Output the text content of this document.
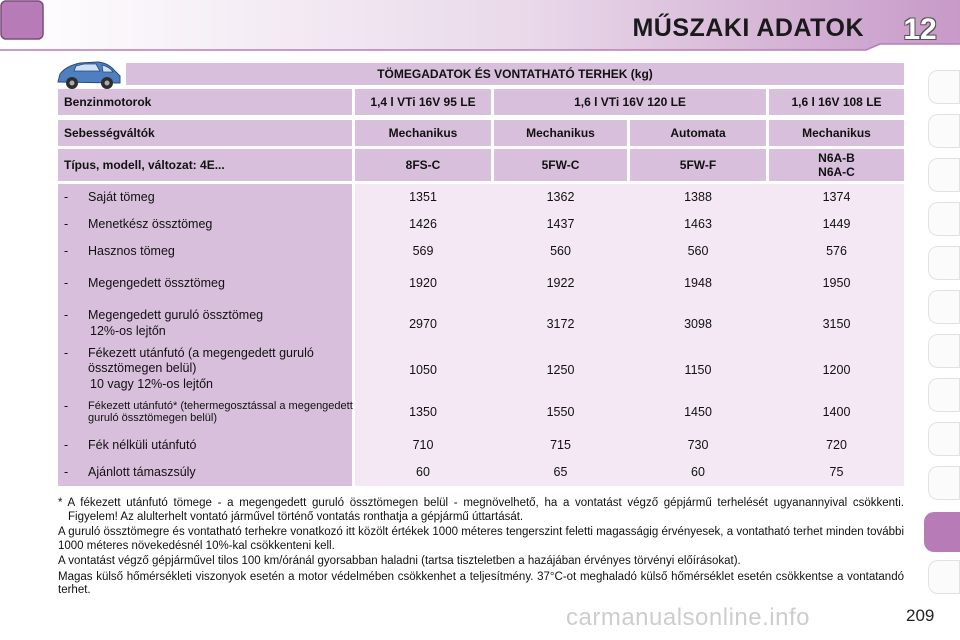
MŰSZAKI ADATOK 12
TÖMEGADATOK ÉS VONTATHATÓ TERHEK (kg)
Benzinmotorok	1,4 l VTi 16V 95 LE	1,6 l VTi 16V 120 LE	1,6 l 16V 108 LE
Sebességváltók	Mechanikus	Mechanikus	Automata	Mechanikus
Típus, modell, változat: 4E...	8FS-C	5FW-C	5FW-F	N6A-B
N6A-C
- Saját tömeg	1351	1362	1388	1374
- Menetkész össztömeg	1426	1437	1463	1449
- Hasznos tömeg	569	560	560	576
- Megengedett össztömeg	1920	1922	1948	1950
- Megengedett guruló össztömeg
12%-os lejtőn	2970	3172	3098	3150
- Fékezett utánfutó (a megengedett guruló össztömegen belül)
10 vagy 12%-os lejtőn
1050	1250	1150	1200
- Fékezett utánfutó* (tehermegosztással a megengedett guruló össztömegen belül)	1350	1550	1450	1400
- Fék nélküli utánfutó	710	715	730	720
- Ajánlott támaszsúly	60	65	60	75

* A fékezett utánfutó tömege - a megengedett guruló össztömegen belül - megnövelhető, ha a vontatást végző gépjármű terhelését ugyanannyival csökkenti. Figyelem! Az alulterhelt vontató járművel történő vontatás ronthatja a gépjármű úttartását.

A guruló össztömegre és vontatható terhekre vonatkozó itt közölt értékek 1000 méteres tengerszint feletti magasságig érvényesek, a vontatható terhet minden további 1000 méteres növekedésnél 10%-kal csökkenteni kell.

A vontatást végző gépjárművel tilos 100 km/óránál gyorsabban haladni (tartsa tiszteletben a hazájában érvényes törvényi előírásokat).

Magas külső hőmérsékleti viszonyok esetén a motor védelmében csökkenhet a teljesítmény. 37°C-ot meghaladó külső hőmérséklet esetén csökkentse a vontatandó terhet.

carmanualsonline.info	209
